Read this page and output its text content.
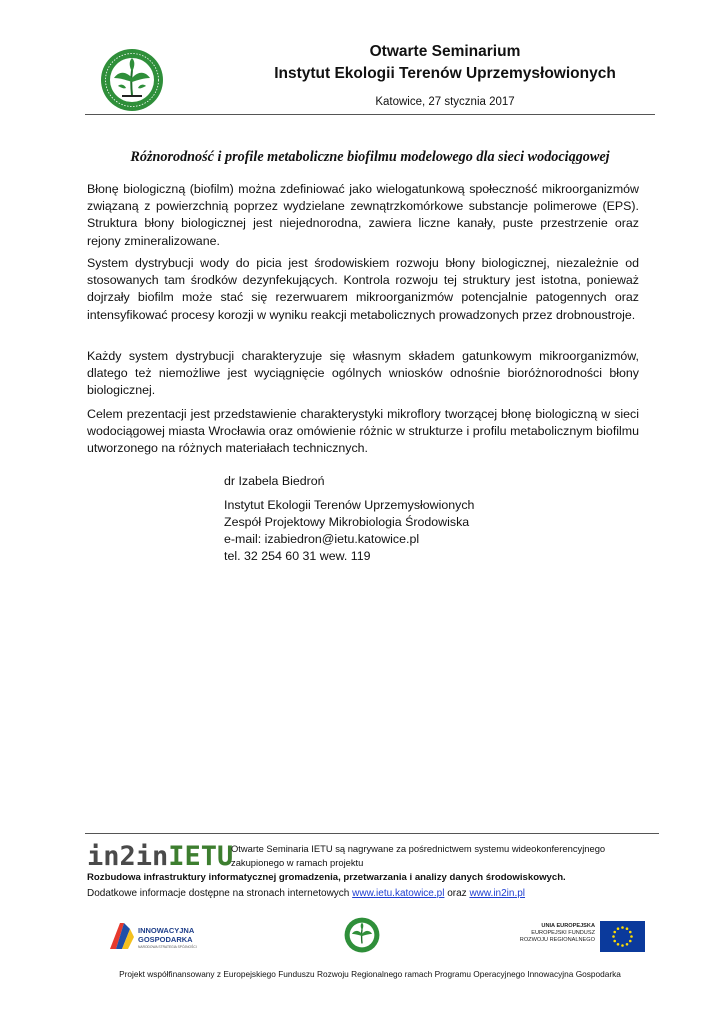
Otwarte Seminarium
Instytut Ekologii Terenów Uprzemysłowionych
Katowice, 27 stycznia 2017
Różnorodność i profile metaboliczne biofilmu modelowego dla sieci wodociągowej

Błonę biologiczną (biofilm) można zdefiniować jako wielogatunkową społeczność mikroorganizmów związaną z powierzchnią poprzez wydzielane zewnątrzkomórkowe substancje polimerowe (EPS). Struktura błony biologicznej jest niejednorodna, zawiera liczne kanały, puste przestrzenie oraz rejony zmineralizowane.

System dystrybucji wody do picia jest środowiskiem rozwoju błony biologicznej, niezależnie od stosowanych tam środków dezynfekujących. Kontrola rozwoju tej struktury jest istotna, ponieważ dojrzały biofilm może stać się rezerwuarem mikroorganizmów potencjalnie patogennych oraz intensyfikować procesy korozji w wyniku reakcji metabolicznych prowadzonych przez drobnoustroje.

Każdy system dystrybucji charakteryzuje się własnym składem gatunkowym mikroorganizmów, dlatego też niemożliwe jest wyciągnięcie ogólnych wniosków odnośnie bioróżnorodności błony biologicznej.

Celem prezentacji jest przedstawienie charakterystyki mikroflory tworzącej błonę biologiczną w sieci wodociągowej miasta Wrocławia oraz omówienie różnic w strukturze i profilu metabolicznym biofilmu utworzonego na różnych materiałach technicznych.

dr Izabela Biedroń
Instytut Ekologii Terenów Uprzemysłowionych
Zespół Projektowy Mikrobiologia Środowiska
e-mail: izabiedron@ietu.katowice.pl
tel. 32 254 60 31 wew. 119
in2inIETU
Otwarte Seminaria IETU są nagrywane za pośrednictwem systemu wideokonferencyjnego zakupionego w ramach projektu
Rozbudowa infrastruktury informatycznej gromadzenia, przetwarzania i analizy danych środowiskowych.
Dodatkowe informacje dostępne na stronach internetowych www.ietu.katowice.pl oraz www.in2in.pl
INNOWACYJNA
GOSPODARKA
NARODOWA STRATEGIA SPÓJNOŚCI
UNIA EUROPEJSKA
EUROPEJSKI FUNDUSZ
ROZWOJU REGIONALNEGO
Projekt współfinansowany z Europejskiego Funduszu Rozwoju Regionalnego ramach Programu Operacyjnego Innowacyjna Gospodarka
